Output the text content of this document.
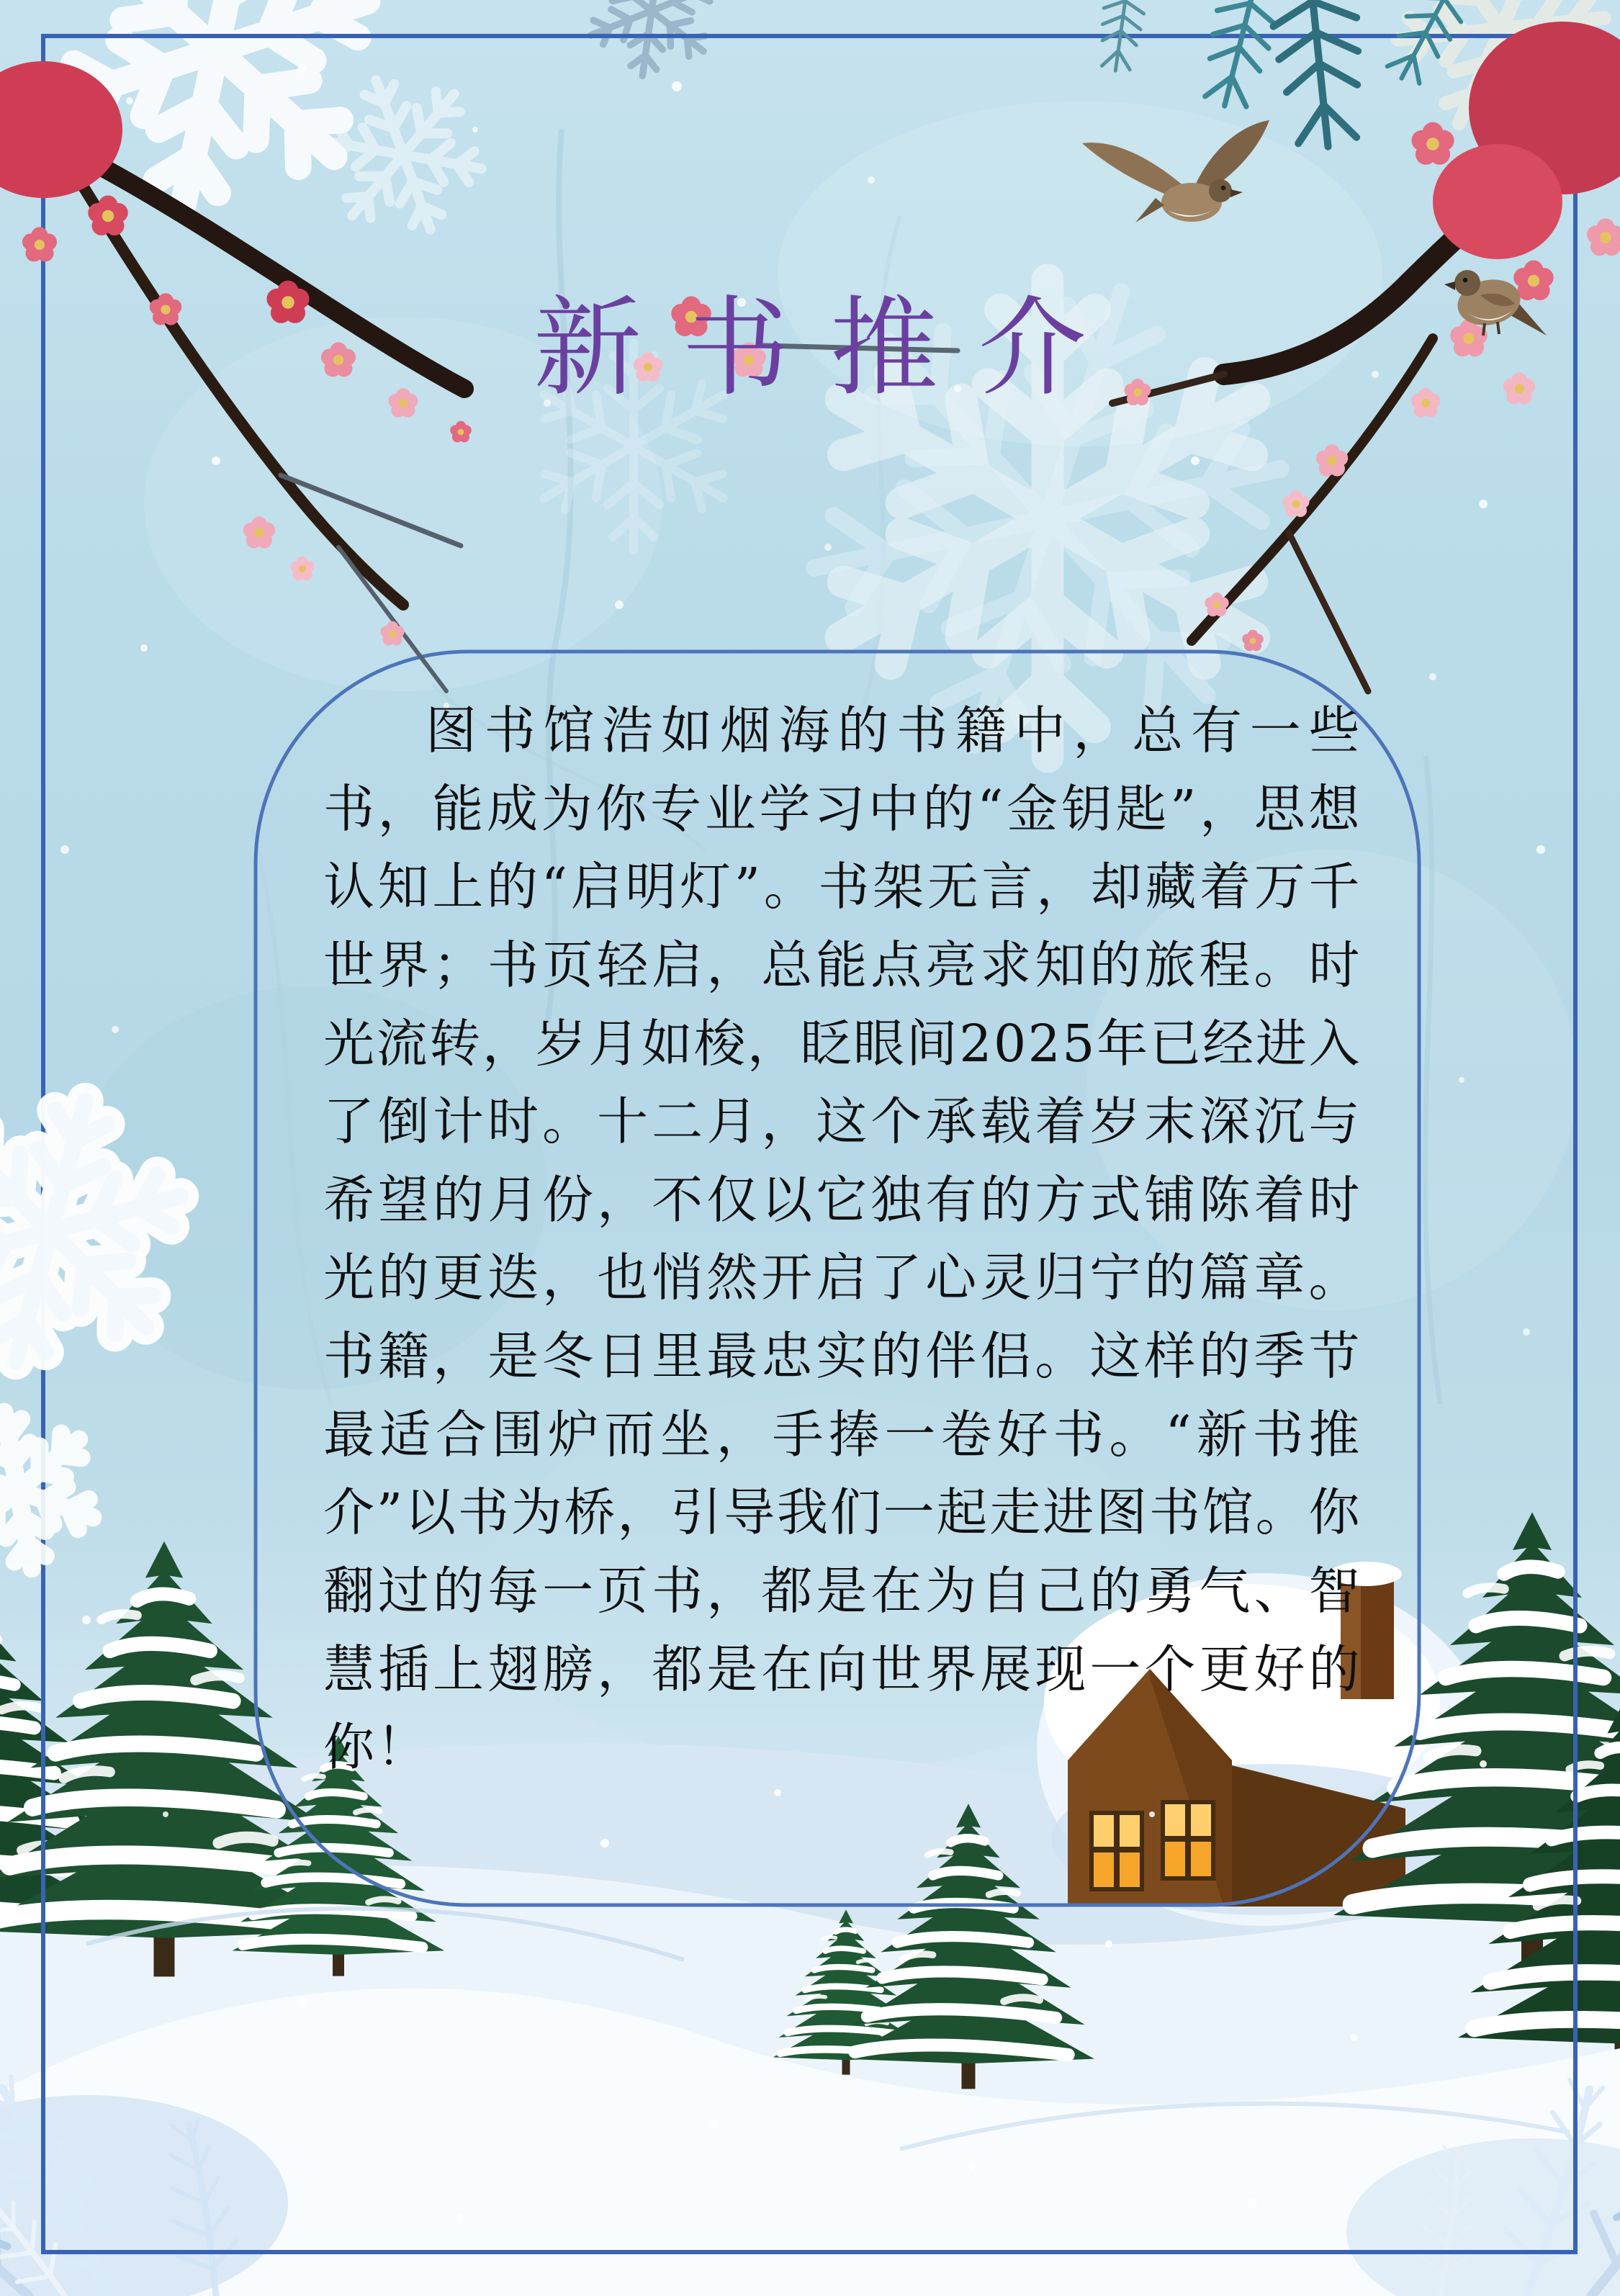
新书推介

图书馆浩如烟海的书籍中，总有一些书，能成为你专业学习中的“金钥匙”，思想认知上的“启明灯”。书架无言，却藏着万千世界；书页轻启，总能点亮求知的旅程。时光流转，岁月如梭，眨眼间2025年已经进入了倒计时。十二月，这个承载着岁末深沉与希望的月份，不仅以它独有的方式铺陈着时光的更迭，也悄然开启了心灵归宁的篇章。书籍，是冬日里最忠实的伴侣。这样的季节最适合围炉而坐，手捧一卷好书。“新书推介”以书为桥，引导我们一起走进图书馆。你翻过的每一页书，都是在为自己的勇气、智慧插上翅膀，都是在向世界展现一个更好的你！
